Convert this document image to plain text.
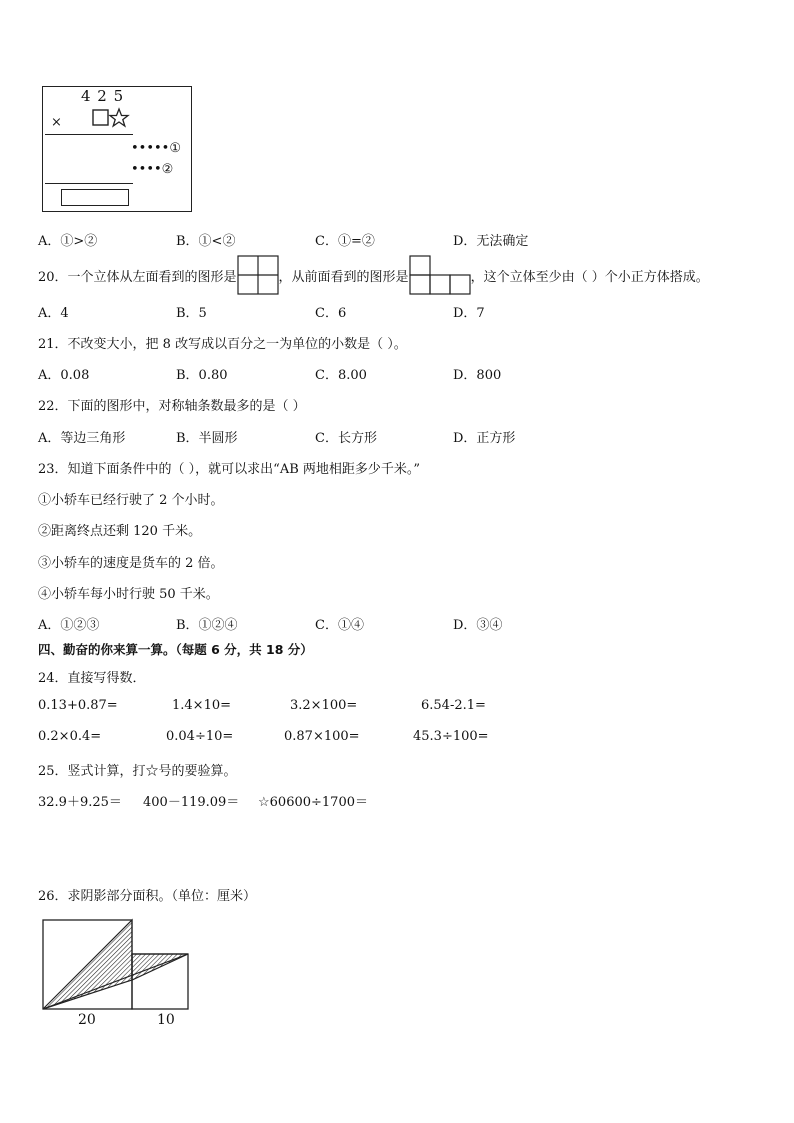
4 2 5
×
•••••①
••••②
A．①>②	B．①<②	C．①=②	D．无法确定
20．一个立体从左面看到的图形是	，从前面看到的图形是	，这个立体至少由（ ）个小正方体搭成。
A．4	B．5	C．6	D．7
21．不改变大小，把 8 改写成以百分之一为单位的小数是（ ）。
A．0.08	B．0.80	C．8.00	D．800
22．下面的图形中，对称轴条数最多的是（ ）
A．等边三角形	B．半圆形	C．长方形	D．正方形
23．知道下面条件中的（ ），就可以求出“AB 两地相距多少千米。”
①小轿车已经行驶了 2 个小时。
②距离终点还剩 120 千米。
③小轿车的速度是货车的 2 倍。
④小轿车每小时行驶 50 千米。
A．①②③	B．①②④	C．①④	D．③④
四、勤奋的你来算一算。（每题 6 分，共 18 分）
24．直接写得数．
0.13+0.87=	1.4×10=	3.2×100=	6.54-2.1=
0.2×0.4=	0.04÷10=	0.87×100=	45.3÷100=
25．竖式计算，打☆号的要验算。
32.9＋9.25＝ 400－119.09＝ ☆60600÷1700＝
26．求阴影部分面积。（单位：厘米）
20	10
